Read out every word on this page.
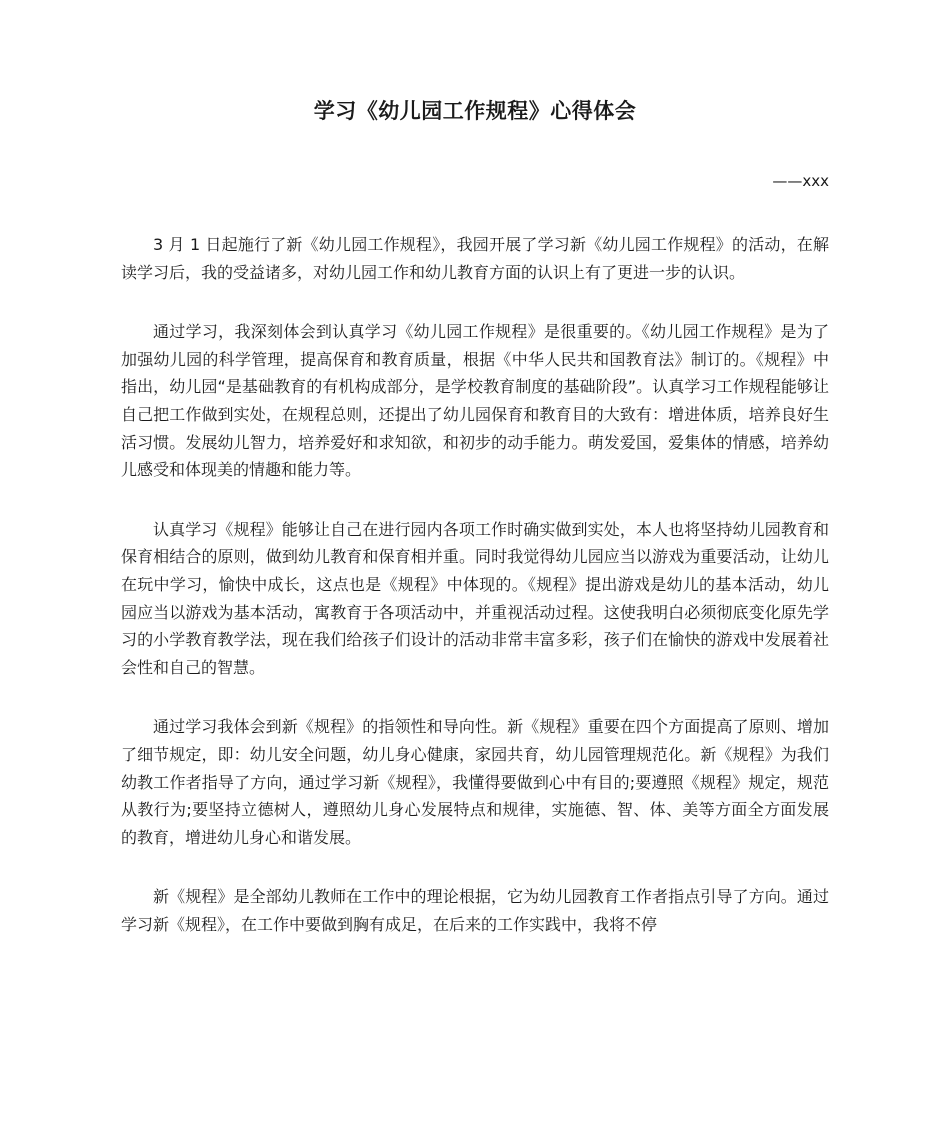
学习《幼儿园工作规程》心得体会
——xxx

3 月 1 日起施行了新《幼儿园工作规程》，我园开展了学习新《幼儿园工作规程》的活动，在解读学习后，我的受益诸多，对幼儿园工作和幼儿教育方面的认识上有了更进一步的认识。

通过学习，我深刻体会到认真学习《幼儿园工作规程》是很重要的。《幼儿园工作规程》是为了加强幼儿园的科学管理，提高保育和教育质量，根据《中华人民共和国教育法》制订的。《规程》中指出，幼儿园“是基础教育的有机构成部分，是学校教育制度的基础阶段”。认真学习工作规程能够让自己把工作做到实处，在规程总则，还提出了幼儿园保育和教育目的大致有：增进体质，培养良好生活习惯。发展幼儿智力，培养爱好和求知欲，和初步的动手能力。萌发爱国，爱集体的情感，培养幼儿感受和体现美的情趣和能力等。

认真学习《规程》能够让自己在进行园内各项工作时确实做到实处，本人也将坚持幼儿园教育和保育相结合的原则，做到幼儿教育和保育相并重。同时我觉得幼儿园应当以游戏为重要活动，让幼儿在玩中学习，愉快中成长，这点也是《规程》中体现的。《规程》提出游戏是幼儿的基本活动，幼儿园应当以游戏为基本活动，寓教育于各项活动中，并重视活动过程。这使我明白必须彻底变化原先学习的小学教育教学法，现在我们给孩子们设计的活动非常丰富多彩，孩子们在愉快的游戏中发展着社会性和自己的智慧。

通过学习我体会到新《规程》的指领性和导向性。新《规程》重要在四个方面提高了原则、增加了细节规定，即：幼儿安全问题，幼儿身心健康，家园共育，幼儿园管理规范化。新《规程》为我们幼教工作者指导了方向，通过学习新《规程》，我懂得要做到心中有目的;要遵照《规程》规定，规范从教行为;要坚持立德树人，遵照幼儿身心发展特点和规律，实施德、智、体、美等方面全方面发展的教育，增进幼儿身心和谐发展。

新《规程》是全部幼儿教师在工作中的理论根据，它为幼儿园教育工作者指点引导了方向。通过学习新《规程》，在工作中要做到胸有成足，在后来的工作实践中，我将不停
